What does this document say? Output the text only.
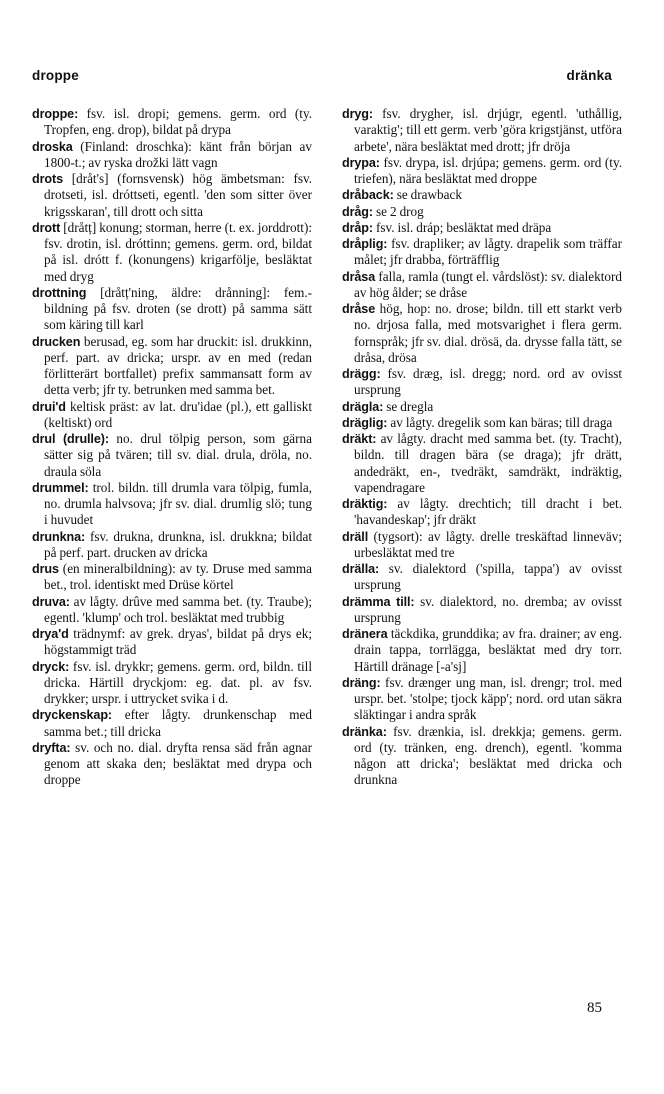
droppe	dränka

droppe: fsv. isl. dropi; gemens. germ. ord (ty. Tropfen, eng. drop), bildat på drypa

droska (Finland: droschka): känt från början av 1800-t.; av ryska drožki lätt vagn

drots [dråt's] (fornsvensk) hög ämbetsman: fsv. drotseti, isl. dróttseti, egentl. 'den som sitter över krigsskaran', till drott och sitta

drott [dråtț] konung; storman, herre (t. ex. jorddrott): fsv. drotin, isl. dróttinn; gemens. germ. ord, bildat på isl. drótt f. (konungens) krigarfölje, besläktat med dryg

drottning [dråtț'ning, äldre: drånning]: fem.-bildning på fsv. droten (se drott) på samma sätt som käring till karl

drucken berusad, eg. som har druckit: isl. drukkinn, perf. part. av dricka; urspr. av en med (redan förlitterärt bortfallet) prefix sammansatt form av detta verb; jfr ty. betrunken med samma bet.

drui'd keltisk präst: av lat. dru'idae (pl.), ett galliskt (keltiskt) ord

drul (drulle): no. drul tölpig person, som gärna sätter sig på tvären; till sv. dial. drula, dröla, no. draula söla

drummel: trol. bildn. till drumla vara tölpig, fumla, no. drumla halvsova; jfr sv. dial. drumlig slö; tung i huvudet

drunkna: fsv. drukna, drunkna, isl. drukkna; bildat på perf. part. drucken av dricka

drus (en mineralbildning): av ty. Druse med samma bet., trol. identiskt med Drüse körtel

druva: av lågty. drûve med samma bet. (ty. Traube); egentl. 'klump' och trol. besläktat med trubbig

drya'd trädnymf: av grek. dryas', bildat på drys ek; högstammigt träd

dryck: fsv. isl. drykkr; gemens. germ. ord, bildn. till dricka. Härtill dryckjom: eg. dat. pl. av fsv. drykker; urspr. i uttrycket svika i d.

dryckenskap: efter lågty. drunkenschap med samma bet.; till dricka

dryfta: sv. och no. dial. dryfta rensa säd från agnar genom att skaka den; besläktat med drypa och droppe

dryg: fsv. drygher, isl. drjúgr, egentl. 'uthållig, varaktig'; till ett germ. verb 'göra krigstjänst, utföra arbete', nära besläktat med drott; jfr dröja

drypa: fsv. drypa, isl. drjúpa; gemens. germ. ord (ty. triefen), nära besläktat med droppe

dråback: se drawback

dråg: se 2 drog

dråp: fsv. isl. dráp; besläktat med dräpa

dråplig: fsv. drapliker; av lågty. drapelik som träffar målet; jfr drabba, förträfflig

dråsa falla, ramla (tungt el. vårdslöst): sv. dialektord av hög ålder; se dråse

dråse hög, hop: no. drose; bildn. till ett starkt verb no. drjosa falla, med motsvarighet i flera germ. fornspråk; jfr sv. dial. drösä, da. drysse falla tätt, se dråsa, drösa

drägg: fsv. dræg, isl. dregg; nord. ord av ovisst ursprung

drägla: se dregla

dräglig: av lågty. dregelik som kan bäras; till draga

dräkt: av lågty. dracht med samma bet. (ty. Tracht), bildn. till dragen bära (se draga); jfr drätt, andedräkt, en-, tvedräkt, samdräkt, indräktig, vapendragare

dräktig: av lågty. drechtich; till dracht i bet. 'havandeskap'; jfr dräkt

dräll (tygsort): av lågty. drelle treskäftad linneväv; urbesläktat med tre

drälla: sv. dialektord ('spilla, tappa') av ovisst ursprung

drämma till: sv. dialektord, no. dremba; av ovisst ursprung

dränera täckdika, grunddika; av fra. drainer; av eng. drain tappa, torrlägga, besläktat med dry torr. Härtill dränage [-a'sj]

dräng: fsv. drænger ung man, isl. drengr; trol. med urspr. bet. 'stolpe; tjock käpp'; nord. ord utan säkra släktingar i andra språk

dränka: fsv. drænkia, isl. drekkja; gemens. germ. ord (ty. tränken, eng. drench), egentl. 'komma någon att dricka'; besläktat med dricka och drunkna

85
